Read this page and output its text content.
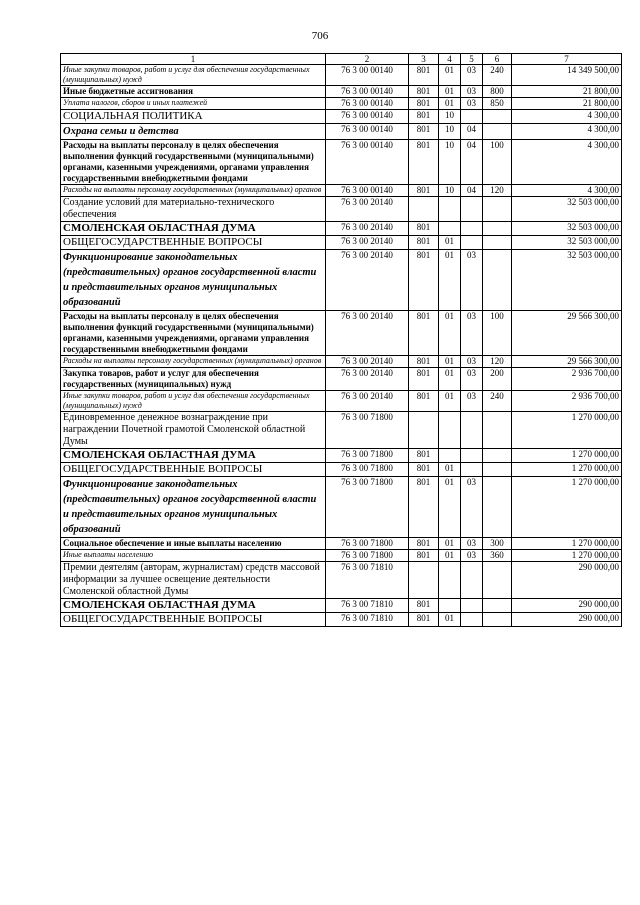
706
1	2	3	4	5	6	7
Иные закупки товаров, работ и услуг для обеспечения государственных (муниципальных) нужд	76 3 00 00140	801	01	03	240	14 349 500,00
Иные бюджетные ассигнования	76 3 00 00140	801	01	03	800	21 800,00
Уплата налогов, сборов и иных платежей	76 3 00 00140	801	01	03	850	21 800,00
СОЦИАЛЬНАЯ ПОЛИТИКА	76 3 00 00140	801	10			4 300,00
Охрана семьи и детства	76 3 00 00140	801	10	04		4 300,00
Расходы на выплаты персоналу в целях обеспечения выполнения функций государственными (муниципальными) органами, казенными учреждениями, органами управления государственными внебюджетными фондами	76 3 00 00140	801	10	04	100	4 300,00
Расходы на выплаты персоналу государственных (муниципальных) органов	76 3 00 00140	801	10	04	120	4 300,00
Создание условий для материально-технического обеспечения	76 3 00 20140					32 503 000,00
СМОЛЕНСКАЯ ОБЛАСТНАЯ ДУМА	76 3 00 20140	801				32 503 000,00
ОБЩЕГОСУДАРСТВЕННЫЕ ВОПРОСЫ	76 3 00 20140	801	01			32 503 000,00
Функционирование законодательных (представительных) органов государственной власти и представительных органов муниципальных образований	76 3 00 20140	801	01	03		32 503 000,00
Расходы на выплаты персоналу в целях обеспечения выполнения функций государственными (муниципальными) органами, казенными учреждениями, органами управления государственными внебюджетными фондами	76 3 00 20140	801	01	03	100	29 566 300,00
Расходы на выплаты персоналу государственных (муниципальных) органов	76 3 00 20140	801	01	03	120	29 566 300,00
Закупка товаров, работ и услуг для обеспечения государственных (муниципальных) нужд	76 3 00 20140	801	01	03	200	2 936 700,00
Иные закупки товаров, работ и услуг для обеспечения государственных (муниципальных) нужд	76 3 00 20140	801	01	03	240	2 936 700,00
Единовременное денежное вознаграждение при награждении Почетной грамотой Смоленской областной Думы	76 3 00 71800					1 270 000,00
СМОЛЕНСКАЯ ОБЛАСТНАЯ ДУМА	76 3 00 71800	801				1 270 000,00
ОБЩЕГОСУДАРСТВЕННЫЕ ВОПРОСЫ	76 3 00 71800	801	01			1 270 000,00
Функционирование законодательных (представительных) органов государственной власти и представительных органов муниципальных образований	76 3 00 71800	801	01	03		1 270 000,00
Социальное обеспечение и иные выплаты населению	76 3 00 71800	801	01	03	300	1 270 000,00
Иные выплаты населению	76 3 00 71800	801	01	03	360	1 270 000,00
Премии деятелям (авторам, журналистам) средств массовой информации за лучшее освещение деятельности Смоленской областной Думы	76 3 00 71810					290 000,00
СМОЛЕНСКАЯ ОБЛАСТНАЯ ДУМА	76 3 00 71810	801				290 000,00
ОБЩЕГОСУДАРСТВЕННЫЕ ВОПРОСЫ	76 3 00 71810	801	01			290 000,00
